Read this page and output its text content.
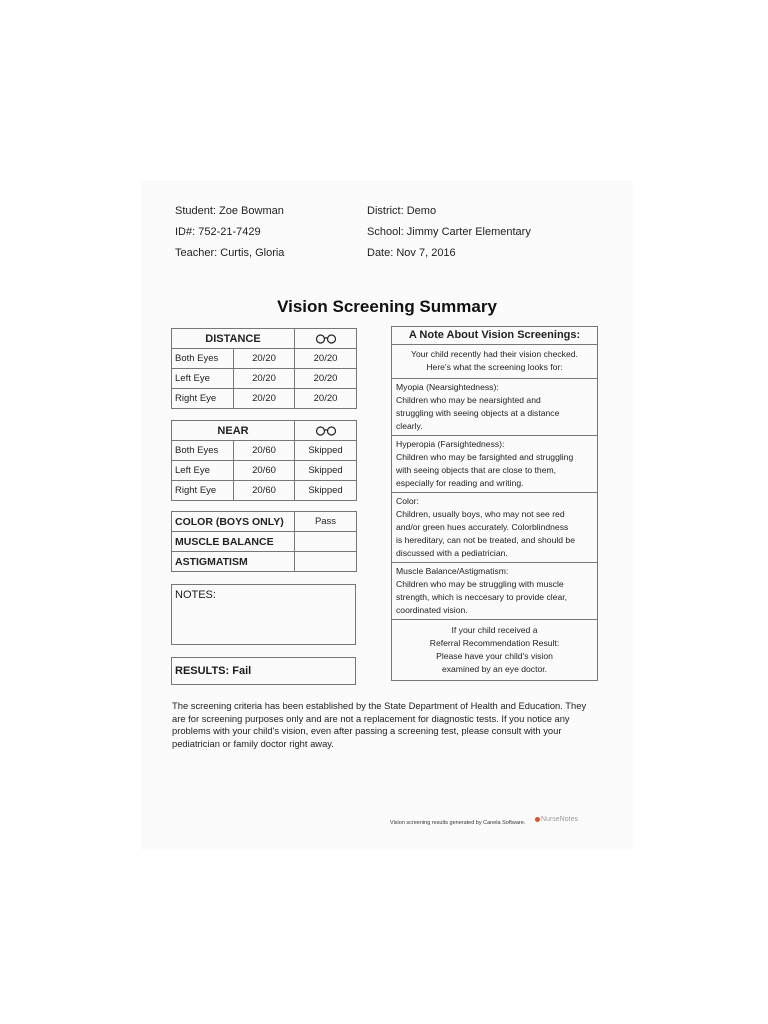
Student: Zoe Bowman
ID#: 752-21-7429
Teacher: Curtis, Gloria
District: Demo
School: Jimmy Carter Elementary
Date: Nov 7, 2016
Vision Screening Summary
DISTANCE	

Both Eyes	20/20	20/20
Left Eye	20/20	20/20
Right Eye	20/20	20/20
NEAR	

Both Eyes	20/60	Skipped
Left Eye	20/60	Skipped
Right Eye	20/60	Skipped
COLOR (BOYS ONLY)	Pass
MUSCLE BALANCE	
ASTIGMATISM	
NOTES:
RESULTS: Fail
A Note About Vision Screenings:
Your child recently had their vision checked.
Here's what the screening looks for:
Myopia (Nearsightedness):
Children who may be nearsighted and
struggling with seeing objects at a distance
clearly.
Hyperopia (Farsightedness):
Children who may be farsighted and struggling
with seeing objects that are close to them,
especially for reading and writing.
Color:
Children, usually boys, who may not see red
and/or green hues accurately. Colorblindness
is hereditary, can not be treated, and should be
discussed with a pediatrician.
Muscle Balance/Astigmatism:
Children who may be struggling with muscle
strength, which is neccesary to provide clear,
coordinated vision.
If your child received a
Referral Recommendation Result:
Please have your child's vision
examined by an eye doctor.
The screening criteria has been established by the State Department of Health and Education. They are for screening purposes only and are not a replacement for diagnostic tests. If you notice any problems with your child's vision, even after passing a screening test, please consult with your pediatrician or family doctor right away.
Vision screening results generated by Canela Software.	NurseNotes
